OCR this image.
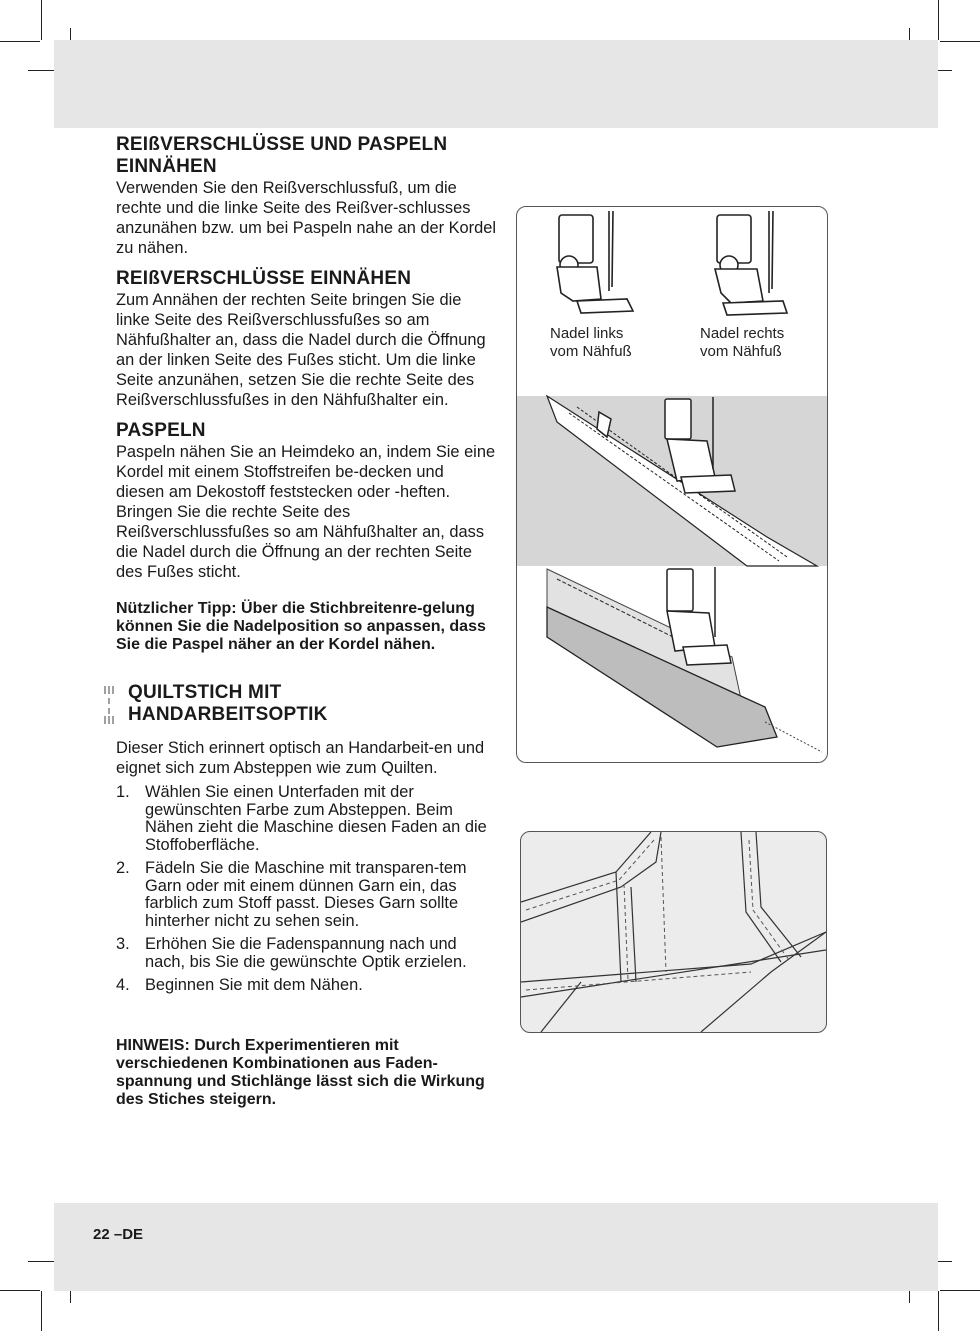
22 –DE
REIßVERSCHLÜSSE UND PASPELN EINNÄHEN

Verwenden Sie den Reißverschlussfuß, um die rechte und die linke Seite des Reißver-schlusses anzunähen bzw. um bei Paspeln nahe an der Kordel zu nähen.

REIßVERSCHLÜSSE EINNÄHEN

Zum Annähen der rechten Seite bringen Sie die linke Seite des Reißverschlussfußes so am Nähfußhalter an, dass die Nadel durch die Öffnung an der linken Seite des Fußes sticht. Um die linke Seite anzunähen, setzen Sie die rechte Seite des Reißverschlussfußes in den Nähfußhalter ein.

PASPELN

Paspeln nähen Sie an Heimdeko an, indem Sie eine Kordel mit einem Stoffstreifen be-decken und diesen am Dekostoff feststecken oder -heften. Bringen Sie die rechte Seite des Reißverschlussfußes so am Nähfußhalter an, dass die Nadel durch die Öffnung an der rechten Seite des Fußes sticht.

Nützlicher Tipp: Über die Stichbreitenre-gelung können Sie die Nadelposition so anpassen, dass Sie die Paspel näher an der Kordel nähen.

QUILTSTICH MIT
HANDARBEITSOPTIK

Dieser Stich erinnert optisch an Handarbeit-en und eignet sich zum Absteppen wie zum Quilten.

1. Wählen Sie einen Unterfaden mit der gewünschten Farbe zum Absteppen. Beim Nähen zieht die Maschine diesen Faden an die Stoffoberfläche.
2. Fädeln Sie die Maschine mit transparen-tem Garn oder mit einem dünnen Garn ein, das farblich zum Stoff passt. Dieses Garn sollte hinterher nicht zu sehen sein.
3. Erhöhen Sie die Fadenspannung nach und nach, bis Sie die gewünschte Optik erzielen.
4. Beginnen Sie mit dem Nähen.

HINWEIS: Durch Experimentieren mit verschiedenen Kombinationen aus Faden-spannung und Stichlänge lässt sich die Wirkung des Stiches steigern.

Nadel links
vom Nähfuß
Nadel rechts
vom Nähfuß
